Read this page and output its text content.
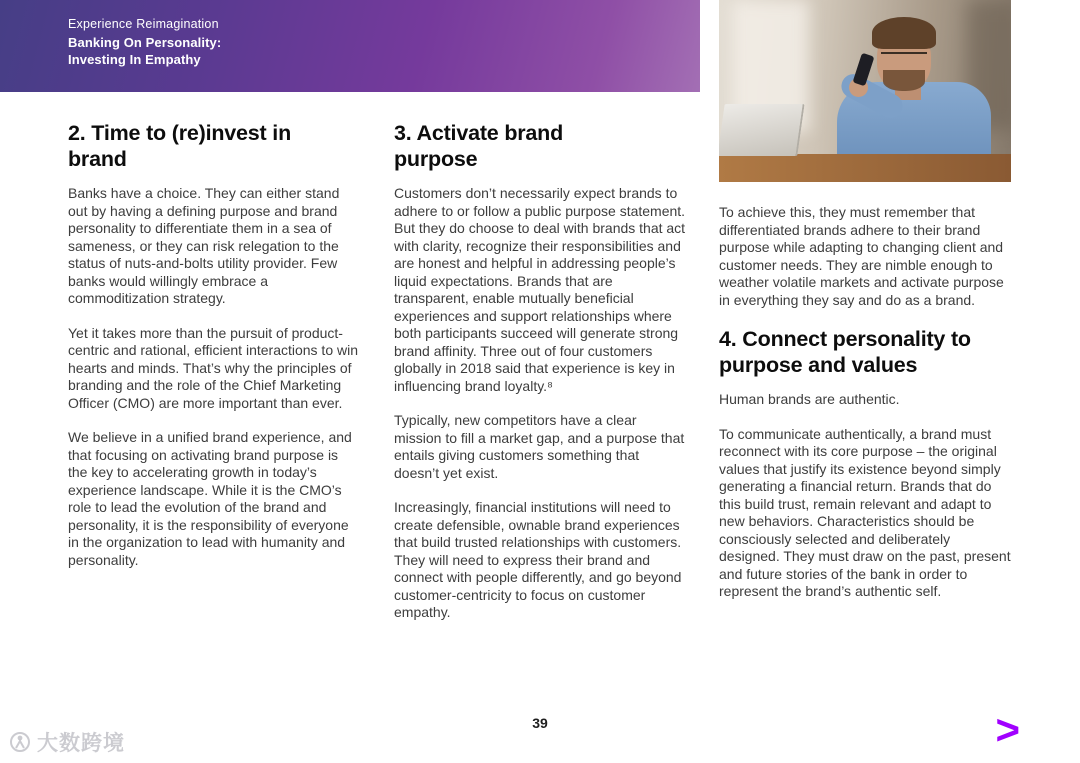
Experience Reimagination
Banking On Personality:
Investing In Empathy
2. Time to (re)invest in brand

Banks have a choice. They can either stand out by having a defining purpose and brand personality to differentiate them in a sea of sameness, or they can risk relegation to the status of nuts-and-bolts utility provider. Few banks would willingly embrace a commoditization strategy.

Yet it takes more than the pursuit of product-centric and rational, efficient interactions to win hearts and minds. That’s why the principles of branding and the role of the Chief Marketing Officer (CMO) are more important than ever.

We believe in a unified brand experience, and that focusing on activating brand purpose is the key to accelerating growth in today’s experience landscape. While it is the CMO’s role to lead the evolution of the brand and personality, it is the responsibility of everyone in the organization to lead with humanity and personality.

3. Activate brand purpose

Customers don’t necessarily expect brands to adhere to or follow a public purpose statement. But they do choose to deal with brands that act with clarity, recognize their responsibilities and are honest and helpful in addressing people’s liquid expectations. Brands that are transparent, enable mutually beneficial experiences and support relationships where both participants succeed will generate strong brand affinity. Three out of four customers globally in 2018 said that experience is key in influencing brand loyalty.⁸

Typically, new competitors have a clear mission to fill a market gap, and a purpose that entails giving customers something that doesn’t yet exist.

Increasingly, financial institutions will need to create defensible, ownable brand experiences that build trusted relationships with customers. They will need to express their brand and connect with people differently, and go beyond customer-centricity to focus on customer empathy.

To achieve this, they must remember that differentiated brands adhere to their brand purpose while adapting to changing client and customer needs. They are nimble enough to weather volatile markets and activate purpose in everything they say and do as a brand.

4. Connect personality to purpose and values

Human brands are authentic.

To communicate authentically, a brand must reconnect with its core purpose – the original values that justify its existence beyond simply generating a financial return. Brands that do this build trust, remain relevant and adapt to new behaviors. Characteristics should be consciously selected and deliberately designed. They must draw on the past, present and future stories of the bank in order to represent the brand’s authentic self.

39	>
大数跨境
